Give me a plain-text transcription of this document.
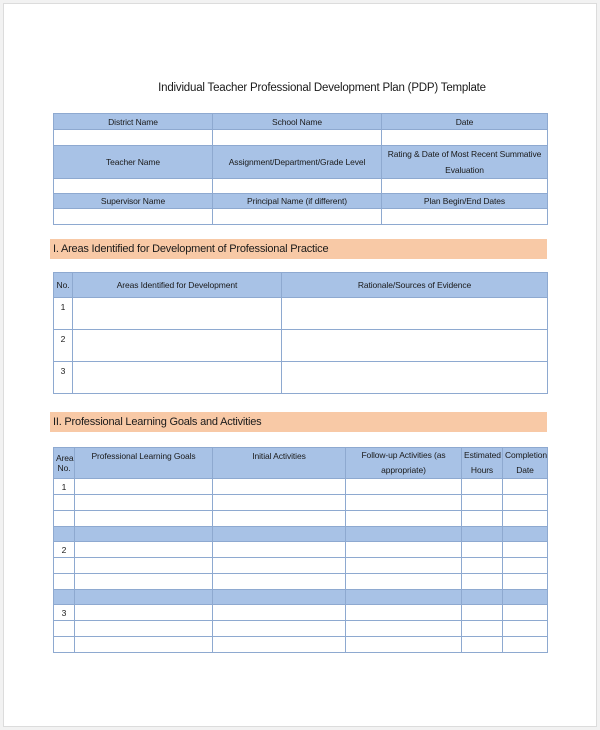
Individual Teacher Professional Development Plan (PDP) Template
District Name	School Name	Date

Teacher Name	Assignment/Department/Grade Level	Rating & Date of Most Recent Summative Evaluation

Supervisor Name	Principal Name (if different)	Plan Begin/End Dates

I. Areas Identified for Development of Professional Practice
No.	Areas Identified for Development	Rationale/Sources of Evidence
1		
2		
3		
II. Professional Learning Goals and Activities
Area No.	Professional Learning Goals	Initial Activities	Follow-up Activities (as appropriate)	Estimated Hours	Completion Date
1					

2					

3					
